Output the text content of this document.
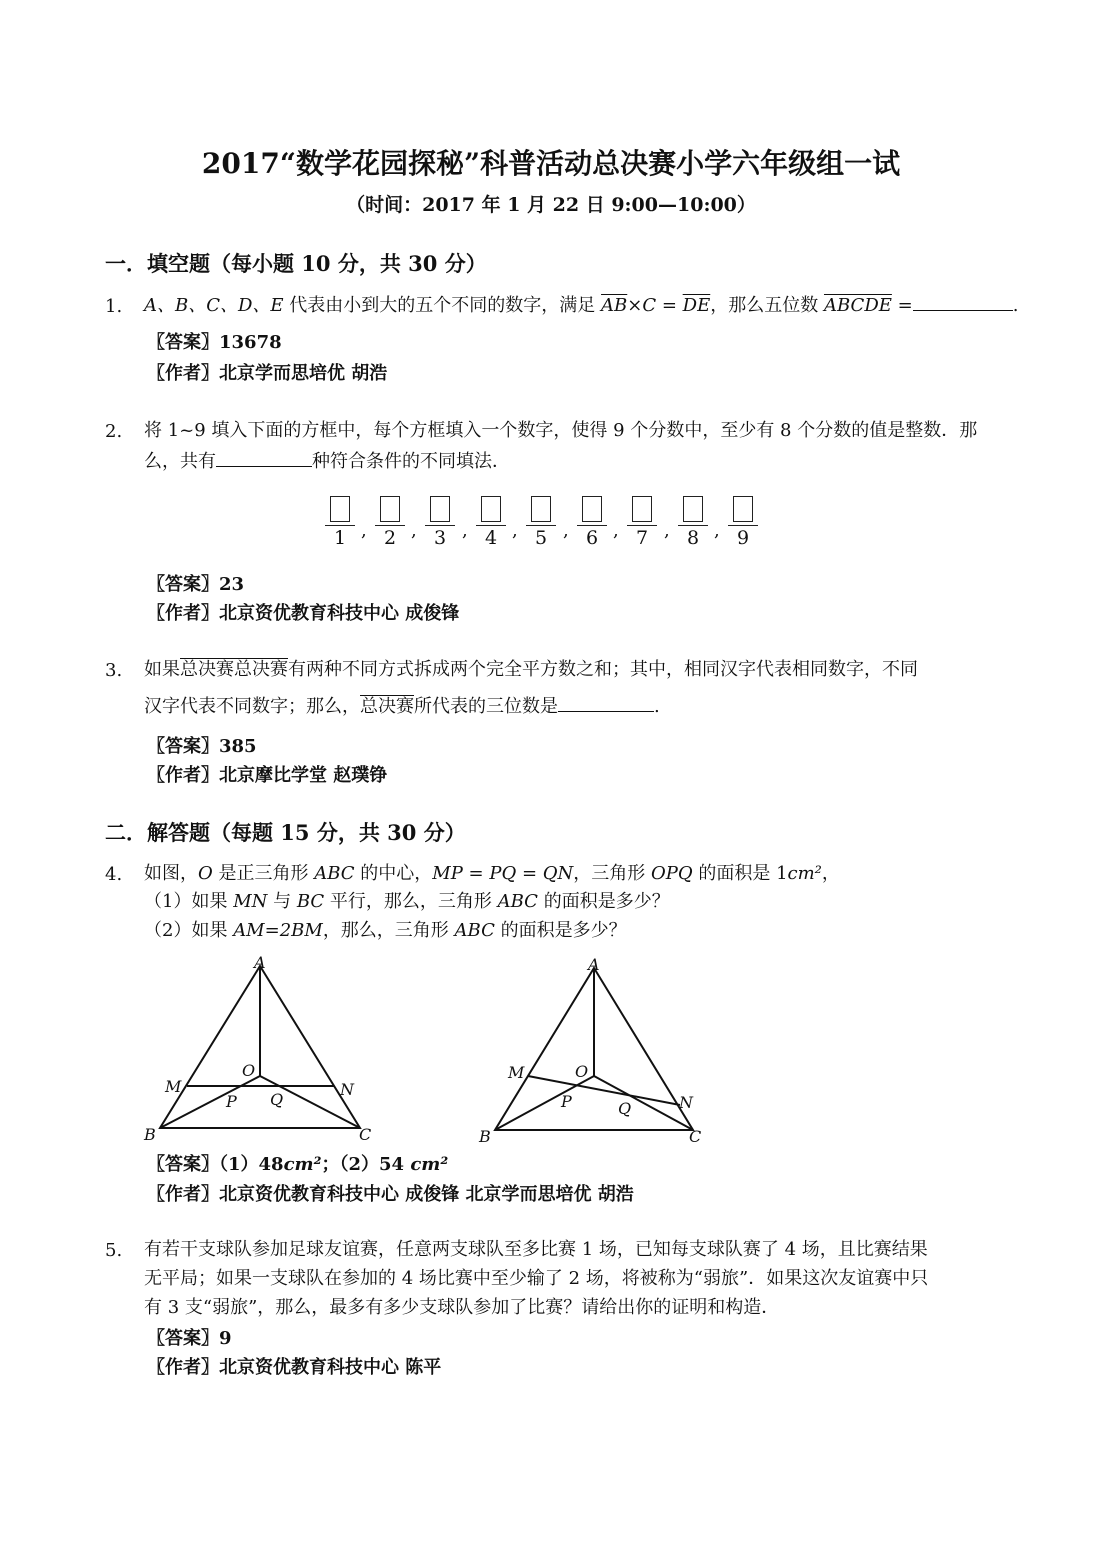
2017“数学花园探秘”科普活动总决赛小学六年级组一试
（时间：2017 年 1 月 22 日 9:00—10:00）
一．填空题（每小题 10 分，共 30 分）
1. A、B、C、D、E 代表由小到大的五个不同的数字，满足 $\overline{AB}\times C = \overline{DE}$，那么五位数 ABCDE =	.
〖答案〗13678
〖作者〗北京学而思培优 胡浩
2. 将 1~9 填入下面的方框中，每个方框填入一个数字，使得 9 个分数中，至少有 8 个分数的值是整数．那
么，共有	种符合条件的不同填法．
1 , 2 , 3 , 4 , 5 , 6 , 7 , 8 , 9
〖答案〗23
〖作者〗北京资优教育科技中心 成俊锋
3. 如果总决赛总决赛有两种不同方式拆成两个完全平方数之和；其中，相同汉字代表相同数字，不同
汉字代表不同数字；那么，总决赛所代表的三位数是	.
〖答案〗385
〖作者〗北京摩比学堂 赵璞铮
二．解答题（每题 15 分，共 30 分）
4. 如图，O 是正三角形 ABC 的中心，MP = PQ = QN，三角形 OPQ 的面积是 1cm²，
（1）如果 MN 与 BC 平行，那么，三角形 ABC 的面积是多少？
（2）如果 AM=2BM，那么，三角形 ABC 的面积是多少？
A
B	C
M	N
O
P Q
A
B	C
M
N
O
P	Q
〖答案〗（1）48cm²；（2）54 cm²
〖作者〗北京资优教育科技中心 成俊锋 北京学而思培优 胡浩
5. 有若干支球队参加足球友谊赛，任意两支球队至多比赛 1 场，已知每支球队赛了 4 场，且比赛结果
无平局；如果一支球队在参加的 4 场比赛中至少输了 2 场，将被称为“弱旅”．如果这次友谊赛中只
有 3 支“弱旅”，那么，最多有多少支球队参加了比赛？请给出你的证明和构造．
〖答案〗9
〖作者〗北京资优教育科技中心 陈平
